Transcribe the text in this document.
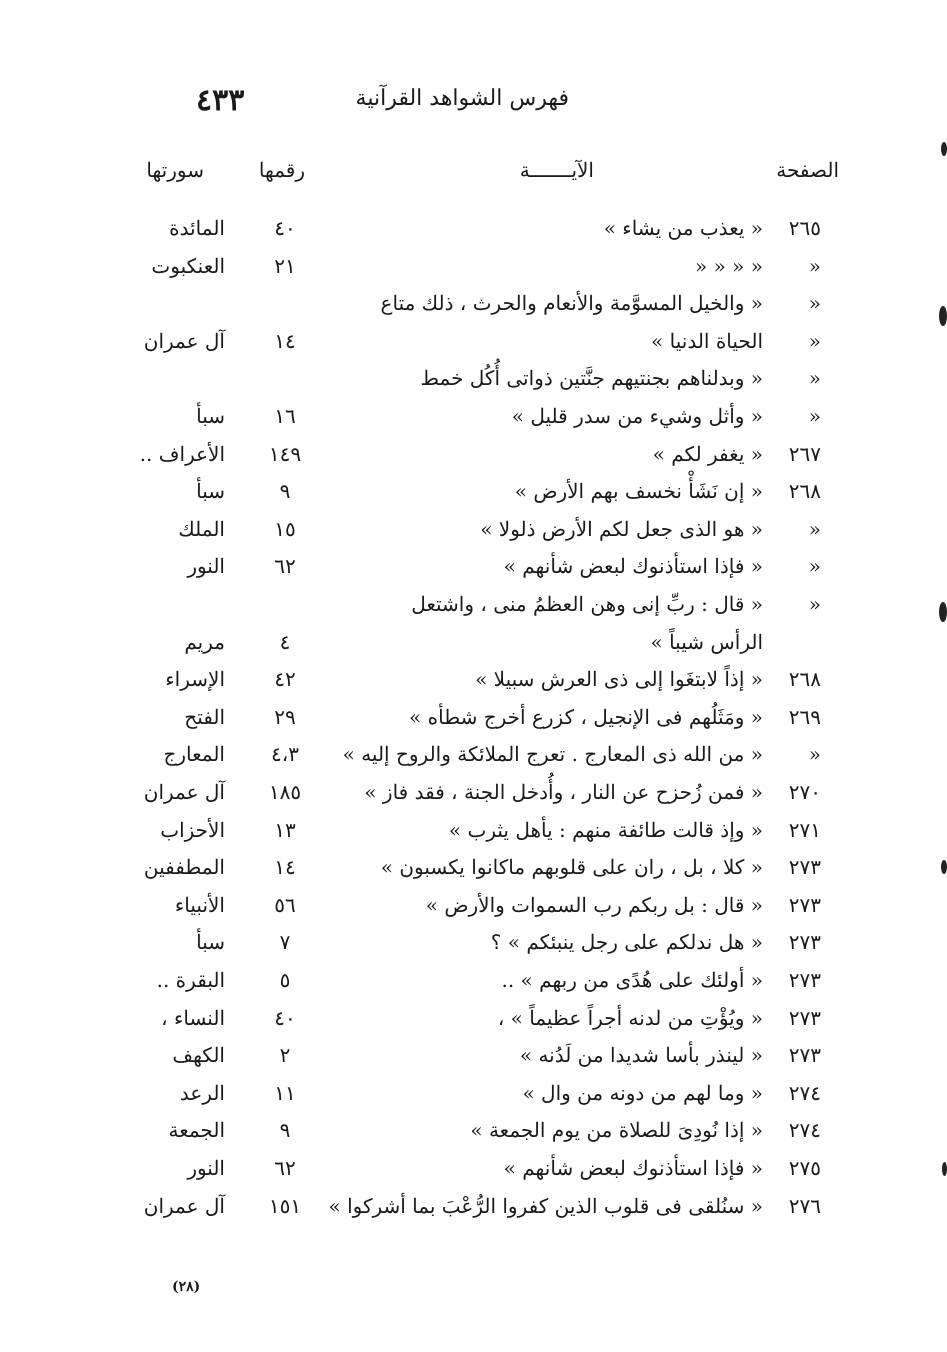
٤٣٣	فهرس الشواهد القرآنية
الصفحة
الآيـــــــة
رقمها
سورتها
٢٦٥
« يعذب من يشاء »
٤٠
المائدة
»
» » » »
٢١
العنكبوت
»
« والخيل المسوَّمة والأنعام والحرث ، ذلك متاع
»
الحياة الدنيا »
١٤
آل عمران
»
« وبدلناهم بجنتيهم جنَّتين ذواتى أُكُل خمط
»
« وأثل وشيء من سدر قليل »
١٦
سبأ
٢٦٧
« يغفر لكم »
١٤٩
الأعراف ..
٢٦٨
« إن نَشَأْ نخسف بهم الأرض »
٩
سبأ
»
« هو الذى جعل لكم الأرض ذلولا »
١٥
الملك
»
« فإذا استأذنوك لبعض شأنهم »
٦٢
النور
»
« قال : ربِّ إنى وهن العظمُ منى ، واشتعل
الرأس شيباً »
٤
مريم
٢٦٨
« إذاً لابتغَوا إلى ذى العرش سبيلا »
٤٢
الإسراء
٢٦٩
« ومَثَلُهم فى الإنجيل ، كزرع أخرج شطأه »
٢٩
الفتح
»
« من الله ذى المعارج . تعرج الملائكة والروح إليه »
٤،٣
المعارج
٢٧٠
« فمن زُحزح عن النار ، وأُدخل الجنة ، فقد فاز »
١٨٥
آل عمران
٢٧١
« وإذ قالت طائفة منهم : يأهل يثرب »
١٣
الأحزاب
٢٧٣
« كلا ، بل ، ران على قلوبهم ماكانوا يكسبون »
١٤
المطففين
٢٧٣
« قال : بل ربكم رب السموات والأرض »
٥٦
الأنبياء
٢٧٣
« هل ندلكم على رجل ينبئكم » ؟
٧
سبأ
٢٧٣
« أولئك على هُدًى من ربهم » ..
٥
البقرة ..
٢٧٣
« ويُؤْتِ من لدنه أجراً عظيماً » ،
٤٠
النساء ،
٢٧٣
« لينذر بأسا شديدا من لَدُنه »
٢
الكهف
٢٧٤
« وما لهم من دونه من وال »
١١
الرعد
٢٧٤
« إذا نُودِىَ للصلاة من يوم الجمعة »
٩
الجمعة
٢٧٥
« فإذا استأذنوك لبعض شأنهم »
٦٢
النور
٢٧٦
« سنُلقى فى قلوب الذين كفروا الرُّعْبَ بما أشركوا »
١٥١
آل عمران
(٢٨)
